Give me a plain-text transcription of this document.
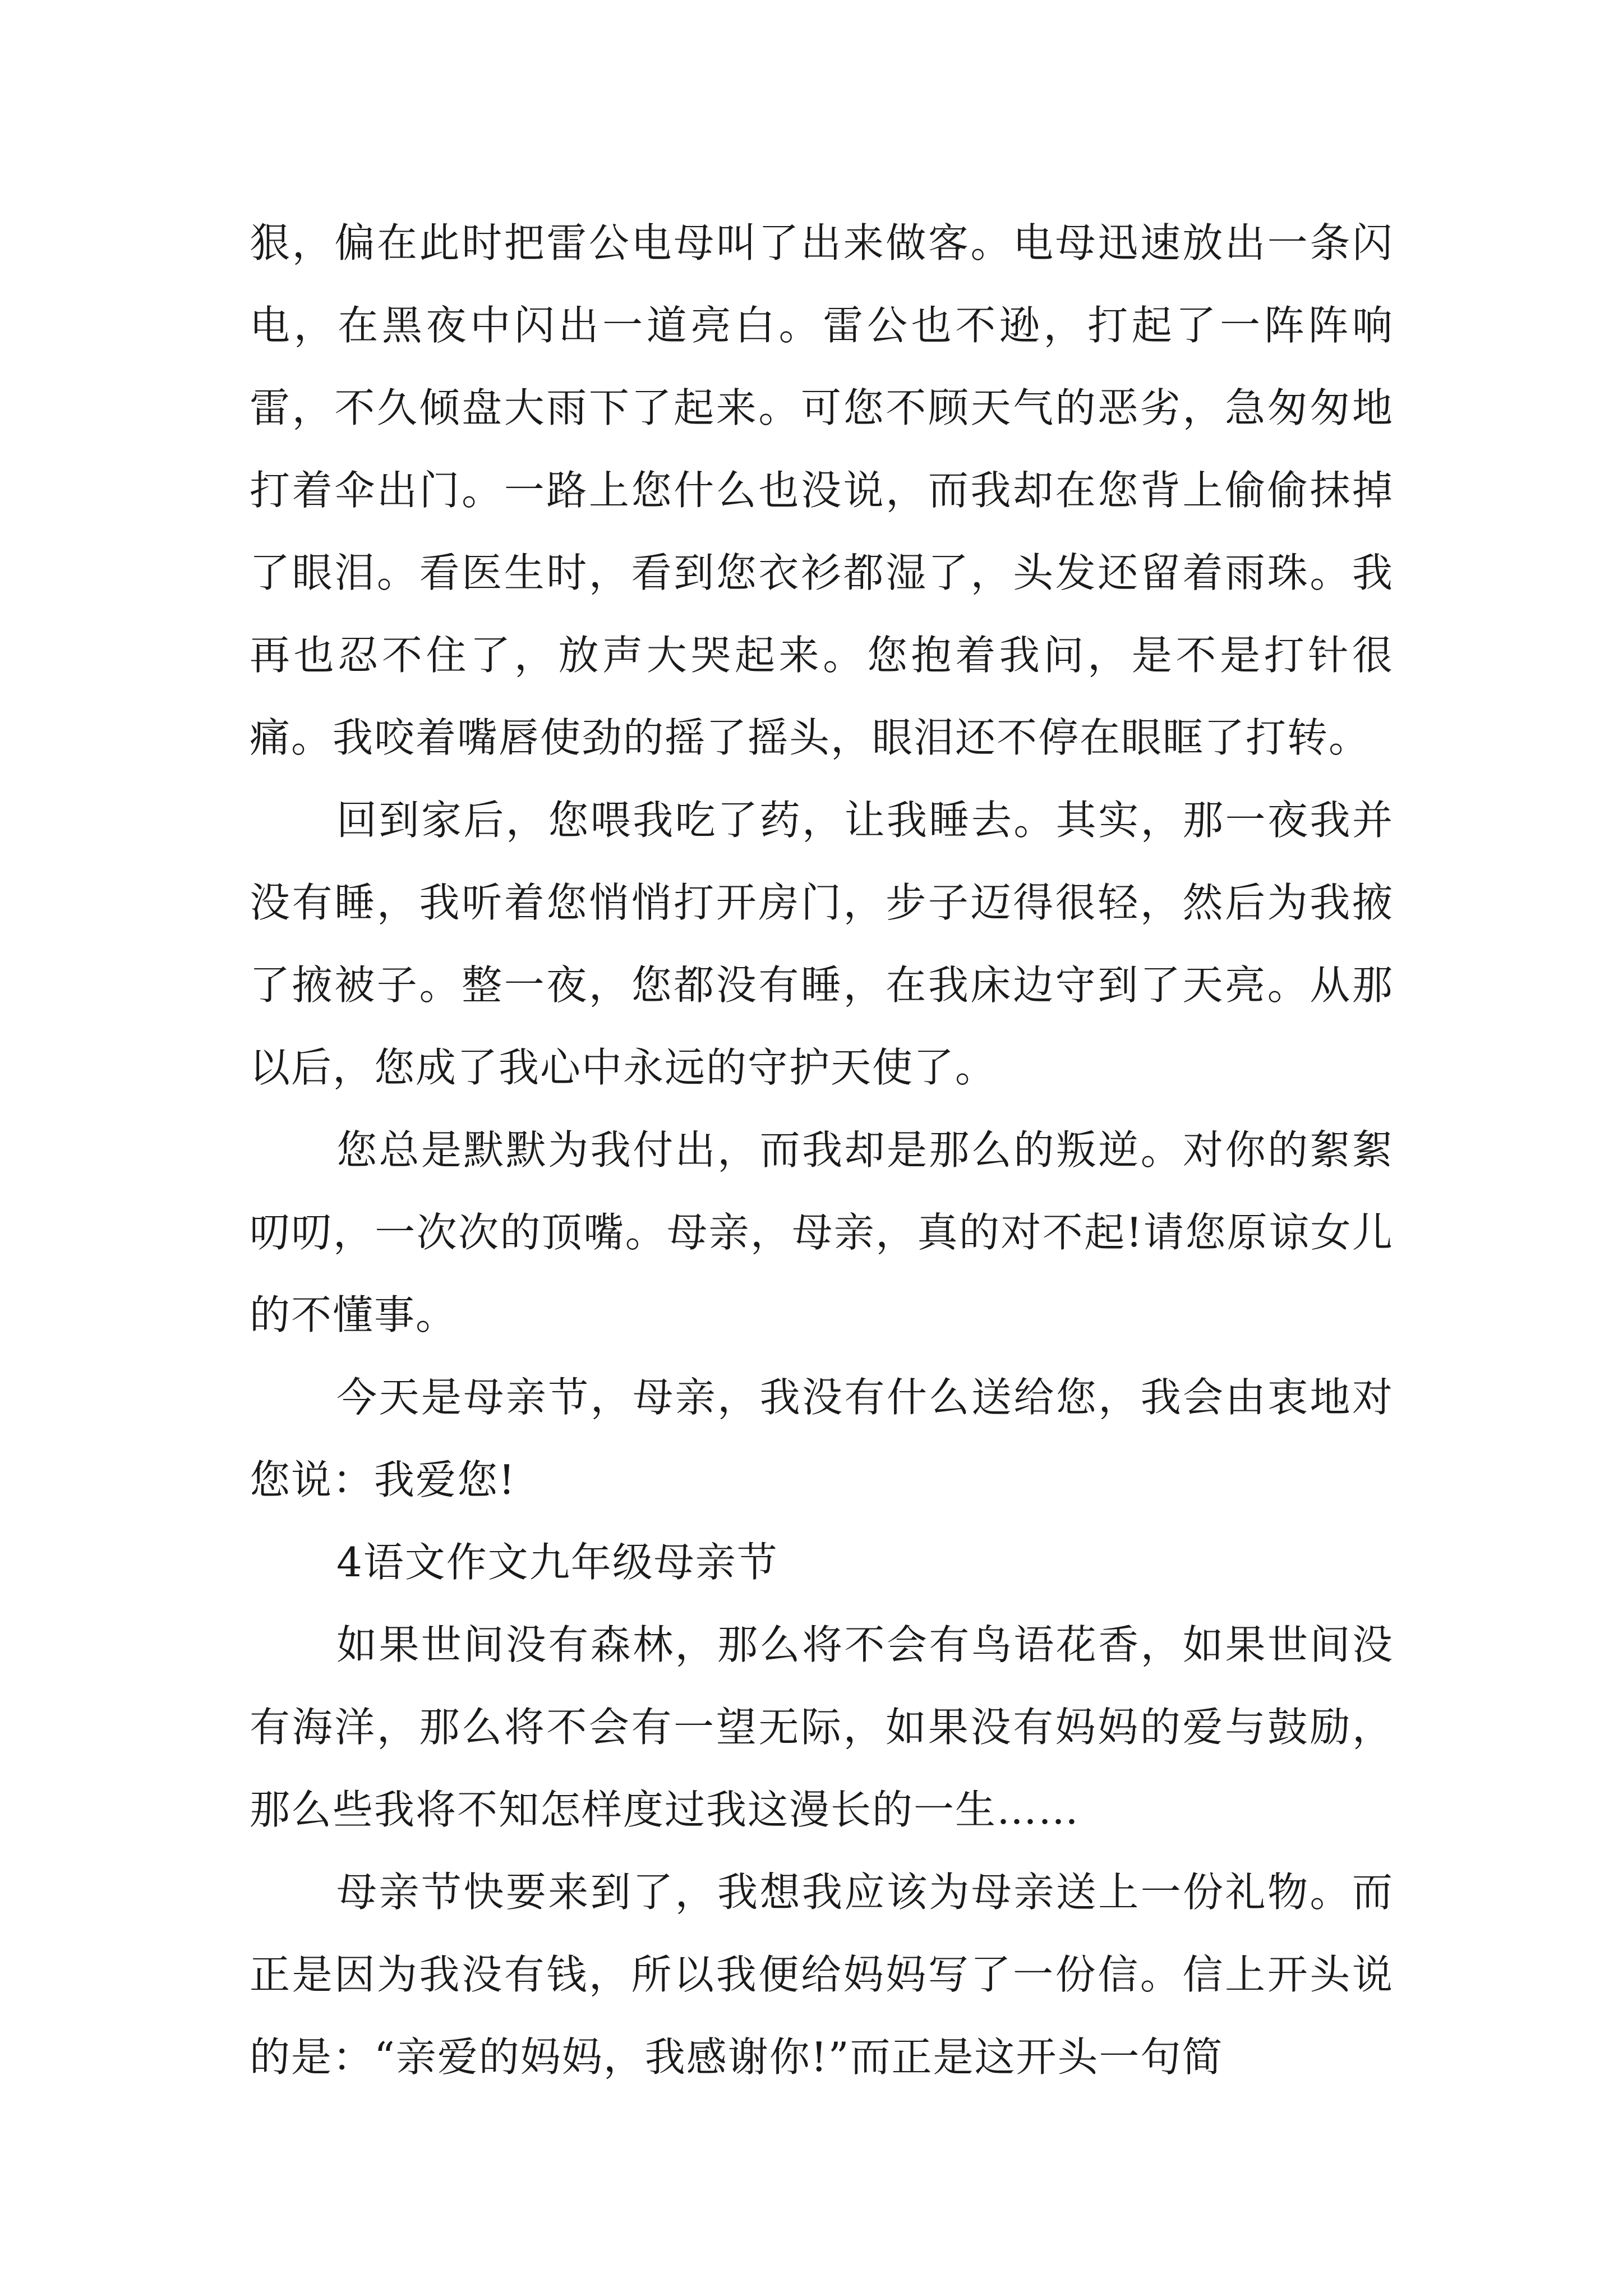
狠，偏在此时把雷公电母叫了出来做客。电母迅速放出一条闪电，在黑夜中闪出一道亮白。雷公也不逊，打起了一阵阵响雷，不久倾盘大雨下了起来。可您不顾天气的恶劣，急匆匆地打着伞出门。一路上您什么也没说，而我却在您背上偷偷抹掉了眼泪。看医生时，看到您衣衫都湿了，头发还留着雨珠。我再也忍不住了，放声大哭起来。您抱着我问，是不是打针很痛。我咬着嘴唇使劲的摇了摇头，眼泪还不停在眼眶了打转。

回到家后，您喂我吃了药，让我睡去。其实，那一夜我并没有睡，我听着您悄悄打开房门，步子迈得很轻，然后为我掖了掖被子。整一夜，您都没有睡，在我床边守到了天亮。从那以后，您成了我心中永远的守护天使了。

您总是默默为我付出，而我却是那么的叛逆。对你的絮絮叨叨，一次次的顶嘴。母亲，母亲，真的对不起!请您原谅女儿的不懂事。

今天是母亲节，母亲，我没有什么送给您，我会由衷地对您说：我爱您!

4语文作文九年级母亲节

如果世间没有森林，那么将不会有鸟语花香，如果世间没有海洋，那么将不会有一望无际，如果没有妈妈的爱与鼓励，那么些我将不知怎样度过我这漫长的一生……

母亲节快要来到了，我想我应该为母亲送上一份礼物。而正是因为我没有钱，所以我便给妈妈写了一份信。信上开头说的是：“亲爱的妈妈，我感谢你!”而正是这开头一句简
